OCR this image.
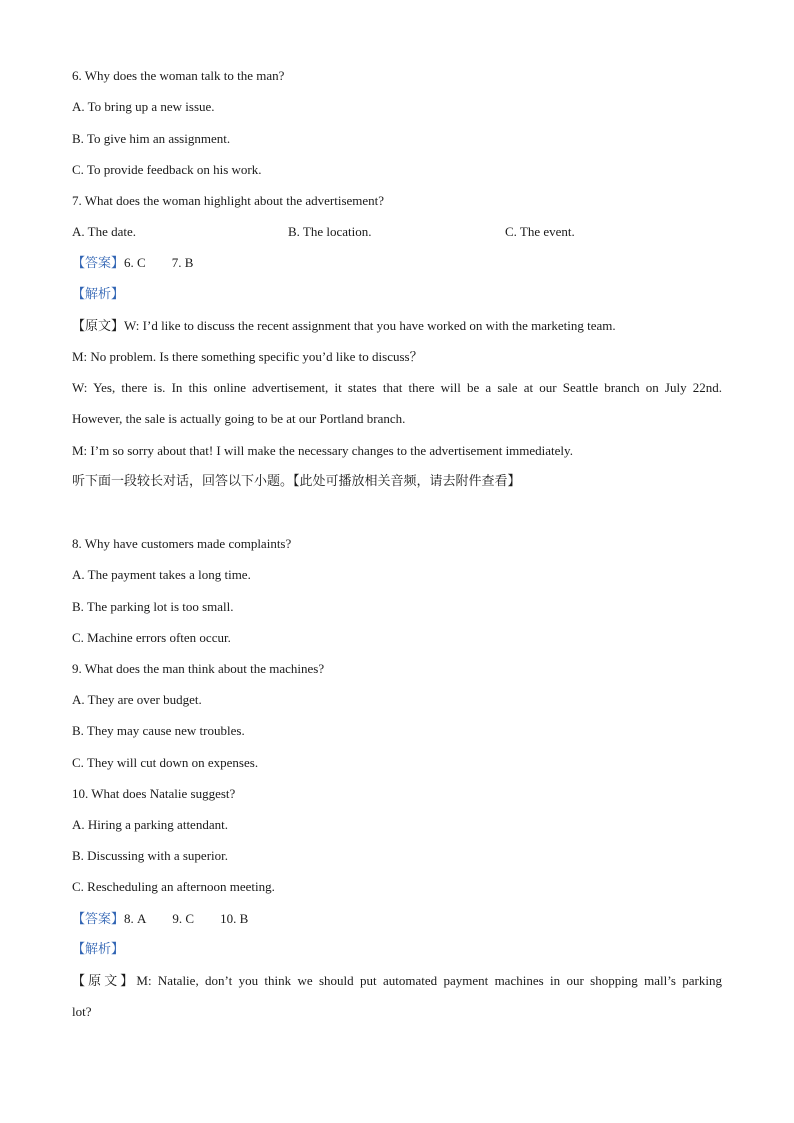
6. Why does the woman talk to the man?
A. To bring up a new issue.
B. To give him an assignment.
C. To provide feedback on his work.
7. What does the woman highlight about the advertisement?
A. The date.	B. The location.	C. The event.
【答案】6. C 7. B
【解析】
【原文】W: I’d like to discuss the recent assignment that you have worked on with the marketing team.
M: No problem. Is there something specific you’d like to discuss？
W: Yes, there is. In this online advertisement, it states that there will be a sale at our Seattle branch on July 22nd.
However, the sale is actually going to be at our Portland branch.
M: I’m so sorry about that! I will make the necessary changes to the advertisement immediately.
听下面一段较长对话，回答以下小题。【此处可播放相关音频，请去附件查看】
8. Why have customers made complaints?
A. The payment takes a long time.
B. The parking lot is too small.
C. Machine errors often occur.
9. What does the man think about the machines?
A. They are over budget.
B. They may cause new troubles.
C. They will cut down on expenses.
10. What does Natalie suggest?
A. Hiring a parking attendant.
B. Discussing with a superior.
C. Rescheduling an afternoon meeting.
【答案】8. A 9. C 10. B
【解析】
【原文】M: Natalie, don’t you think we should put automated payment machines in our shopping mall’s parking
lot?
